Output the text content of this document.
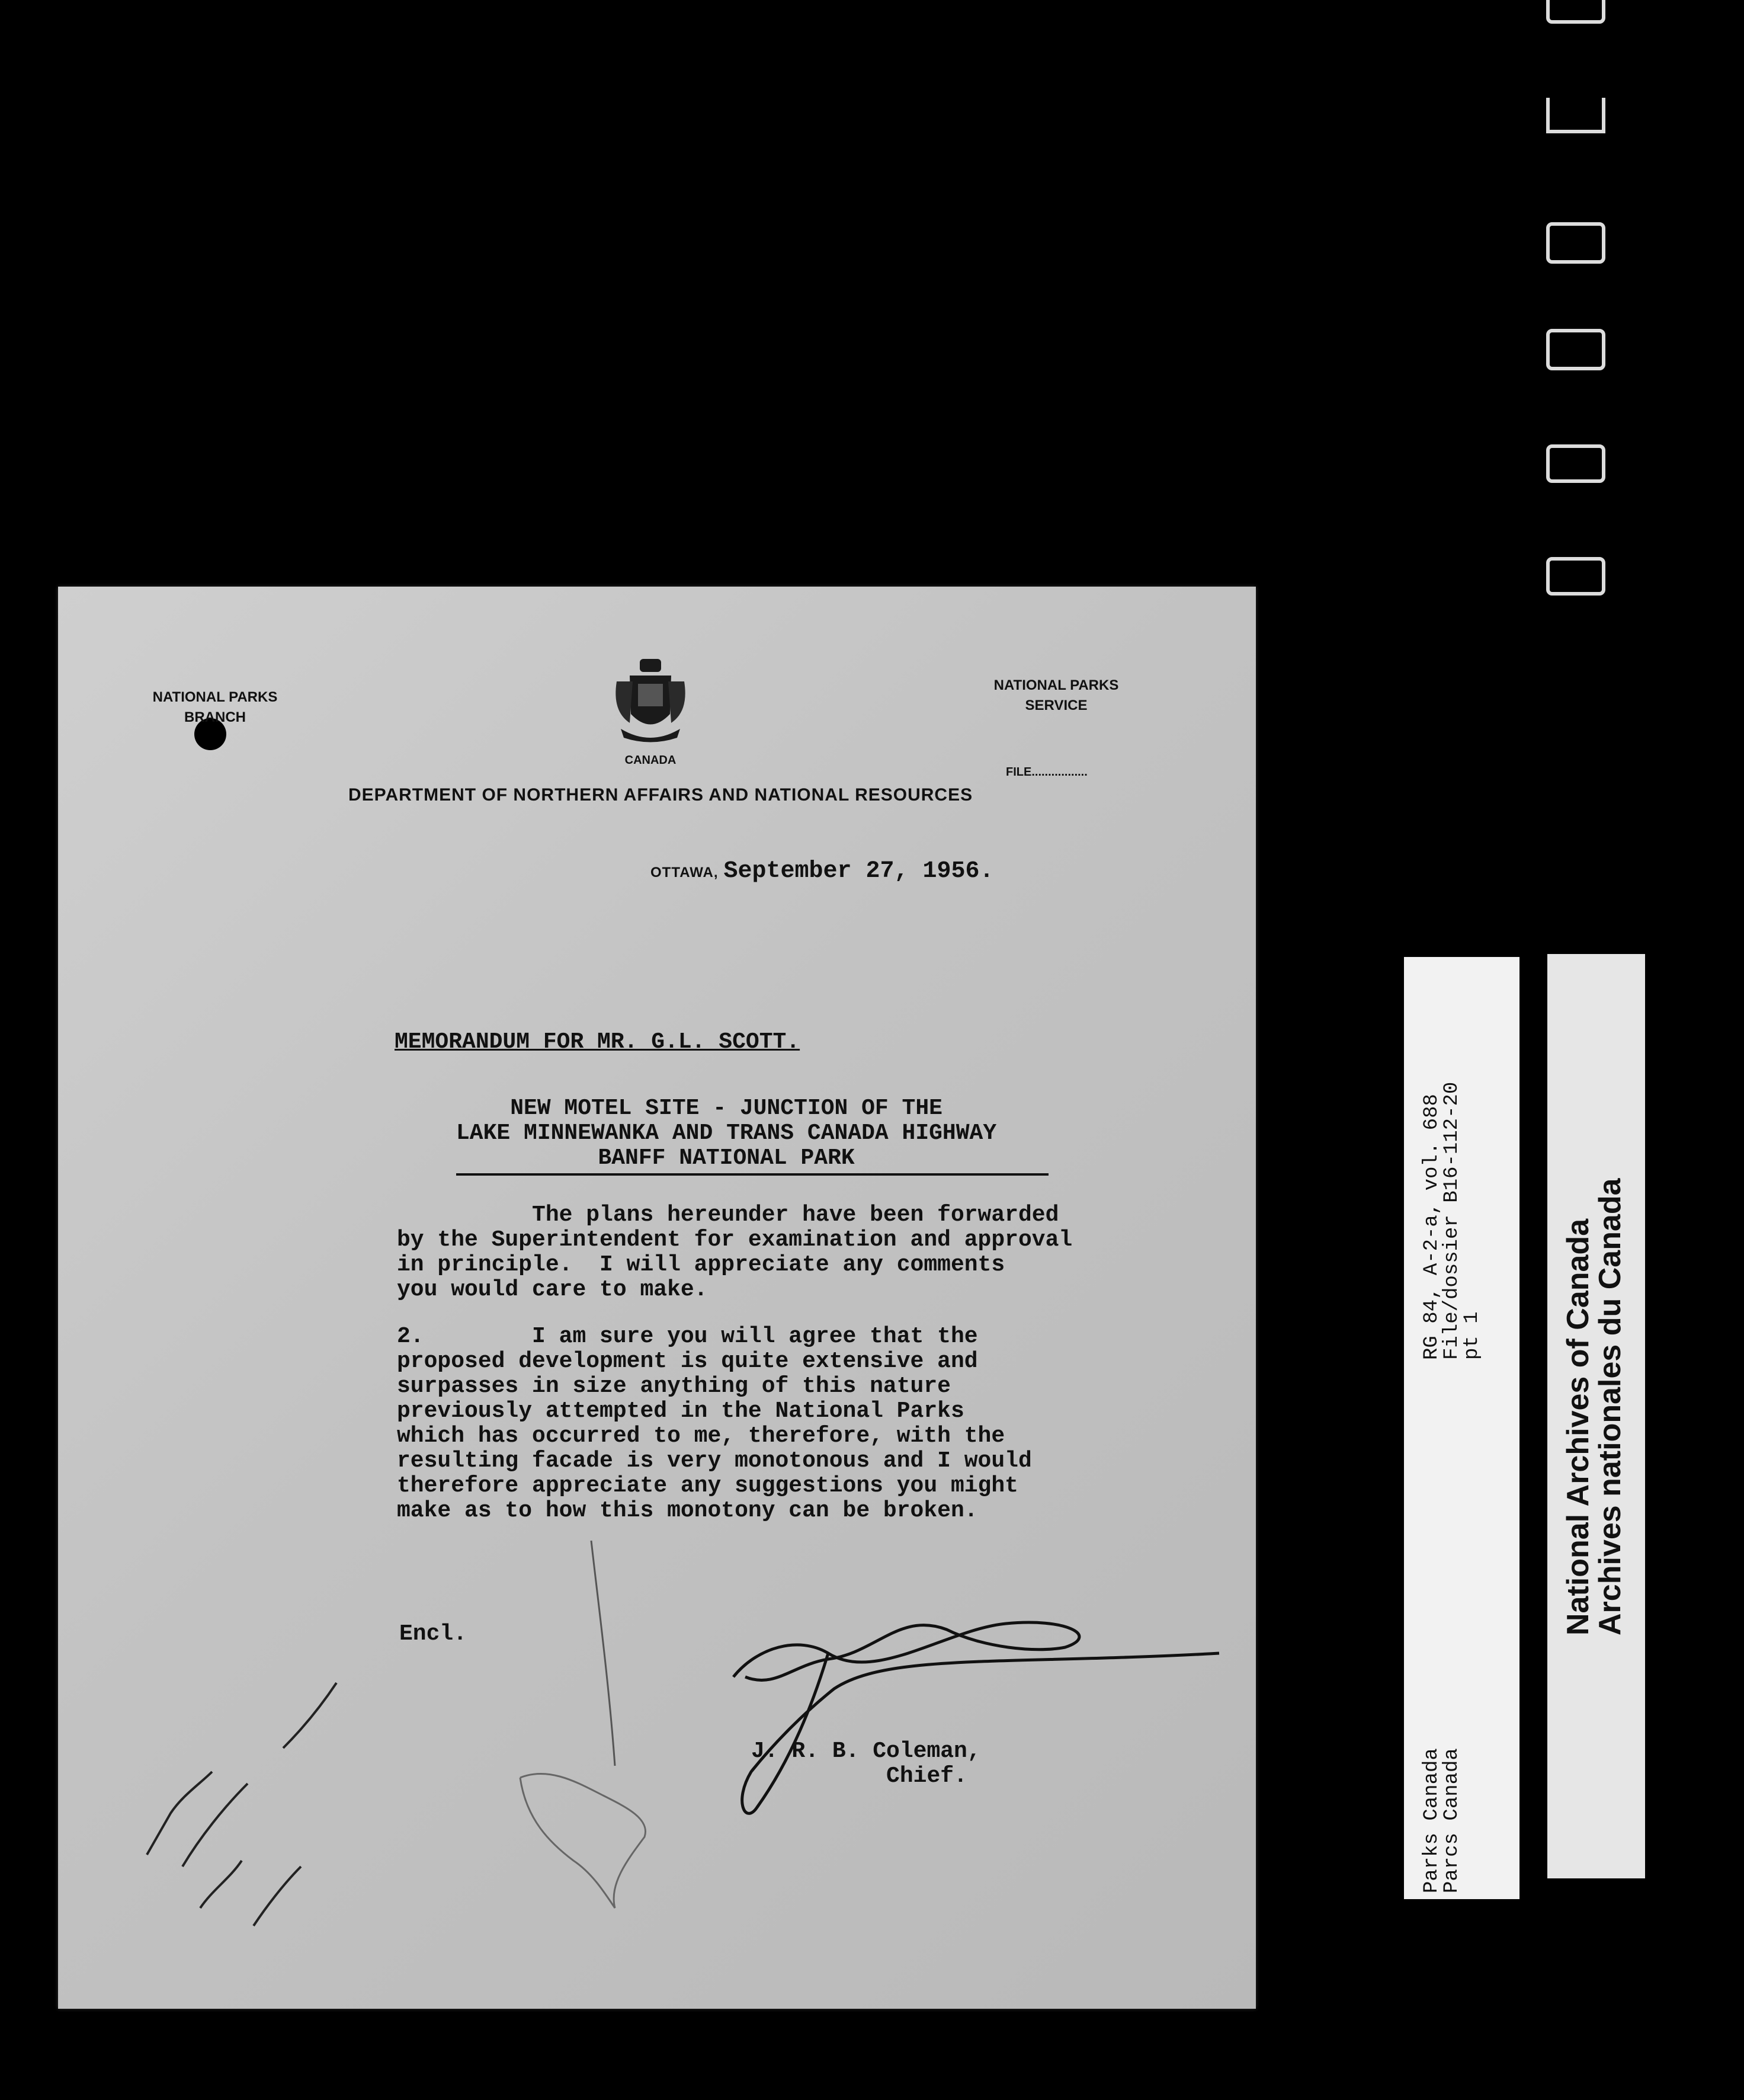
NATIONAL PARKS
BRANCH
NATIONAL PARKS
SERVICE
CANADA
FILE.................
DEPARTMENT OF NORTHERN AFFAIRS AND NATIONAL RESOURCES
OTTAWA, September 27, 1956.
MEMORANDUM FOR MR. G.L. SCOTT.
NEW MOTEL SITE - JUNCTION OF THE
LAKE MINNEWANKA AND TRANS CANADA HIGHWAY
BANFF NATIONAL PARK
The plans hereunder have been forwarded
by the Superintendent for examination and approval
in principle.  I will appreciate any comments
you would care to make.
2.        I am sure you will agree that the
proposed development is quite extensive and
surpasses in size anything of this nature
previously attempted in the National Parks
which has occurred to me, therefore, with the
resulting facade is very monotonous and I would
therefore appreciate any suggestions you might
make as to how this monotony can be broken.
Encl.
J. R. B. Coleman,
Chief.
RG 84, A-2-a, vol. 688
File/dossier B16-112-20
pt 1
Parks Canada
Parcs Canada
National Archives of Canada
Archives nationales du Canada
